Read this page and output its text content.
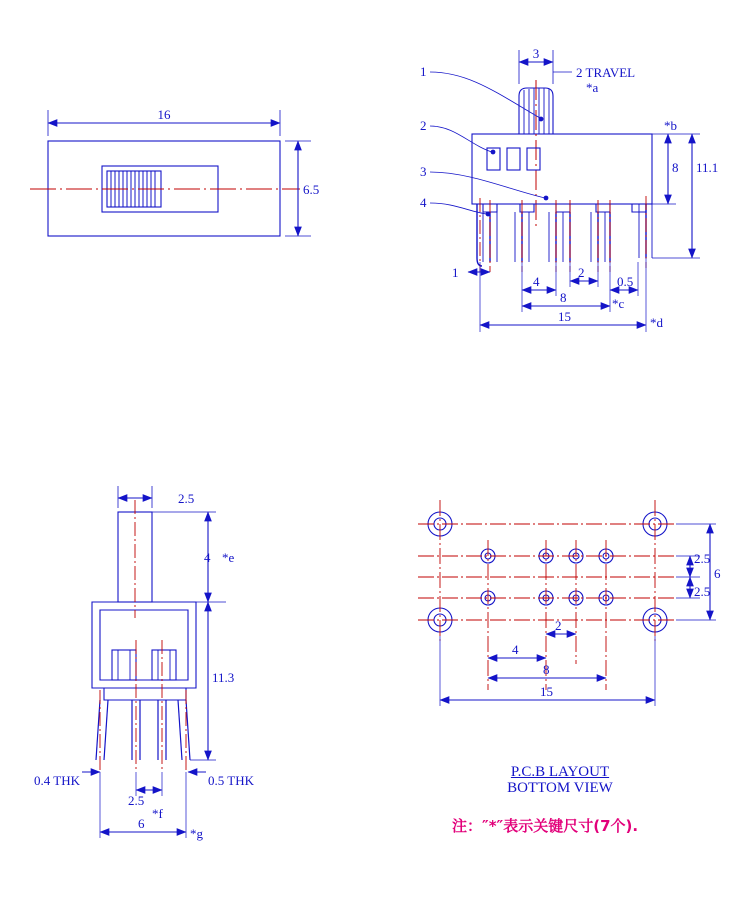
16
6.5
3
2 TRAVEL
*a
1
2
3
4
8 11.1
*b
1
4
2
0.5
8	*c
15	*d
2.5
4 *e
11.3
0.4 THK	0.5 THK
2.5
*f
6
*g
2.5
2.5
6
2
4
8
15
P.C.B LAYOUT
BOTTOM VIEW
注：″*″表示关键尺寸(7个).
